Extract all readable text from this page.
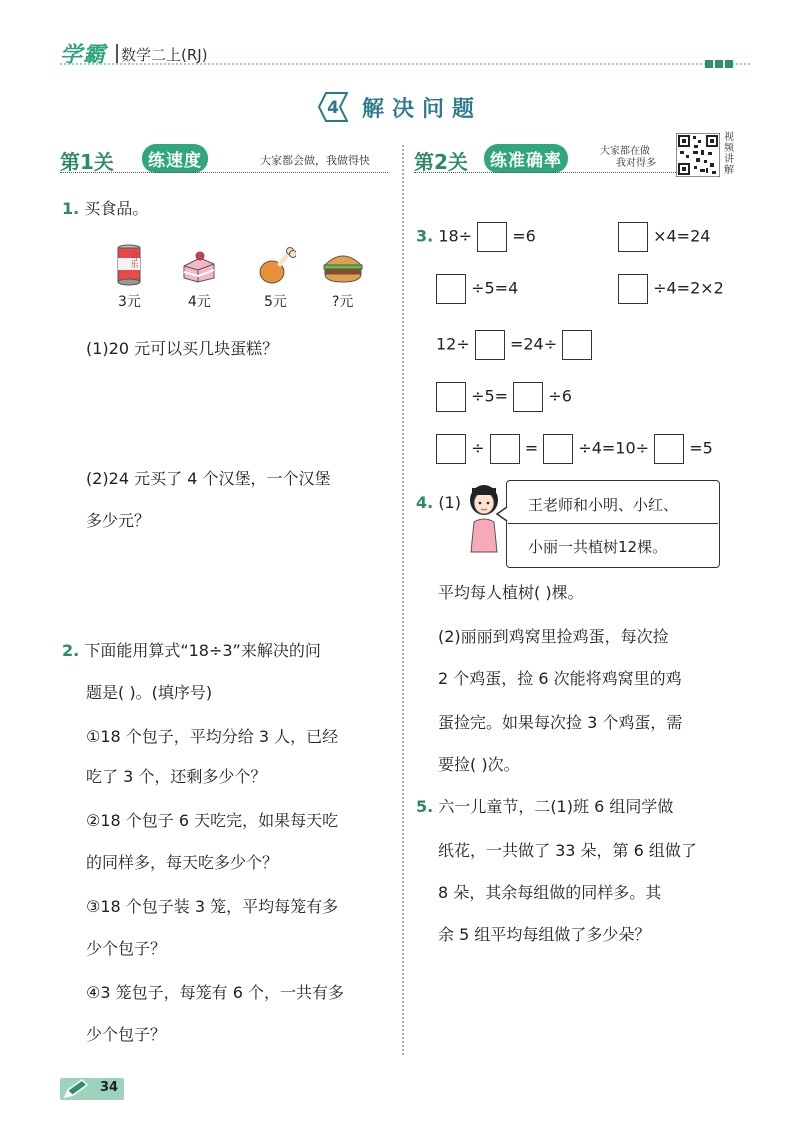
学霸 数学二上(RJ)
4 解决问题
第1关	练速度	大家都会做，我做得快 第2关	练准确率	大家都在做
我对得多
视频讲解
1. 买食品。
可乐
3元	4元	5元	?元
(1)20 元可以买几块蛋糕？
(2)24 元买了 4 个汉堡，一个汉堡
多少元？
2. 下面能用算式“18÷3”来解决的问
题是( )。(填序号)
①18 个包子，平均分给 3 人，已经
吃了 3 个，还剩多少个？
②18 个包子 6 天吃完，如果每天吃
的同样多，每天吃多少个？
③18 个包子装 3 笼，平均每笼有多
少个包子？
④3 笼包子，每笼有 6 个，一共有多
少个包子？
3. 18÷	=6	×4=24
÷5=4	÷4=2×2
12÷	=24÷
÷5=	÷6
÷	=	÷4=10÷	=5
4. (1)	王老师和小明、小红、
小丽一共植树12棵。
平均每人植树( )棵。
(2)丽丽到鸡窝里捡鸡蛋，每次捡
2 个鸡蛋，捡 6 次能将鸡窝里的鸡
蛋捡完。如果每次捡 3 个鸡蛋，需
要捡( )次。
5. 六一儿童节，二(1)班 6 组同学做
纸花，一共做了 33 朵，第 6 组做了
8 朵，其余每组做的同样多。其
余 5 组平均每组做了多少朵？
34
